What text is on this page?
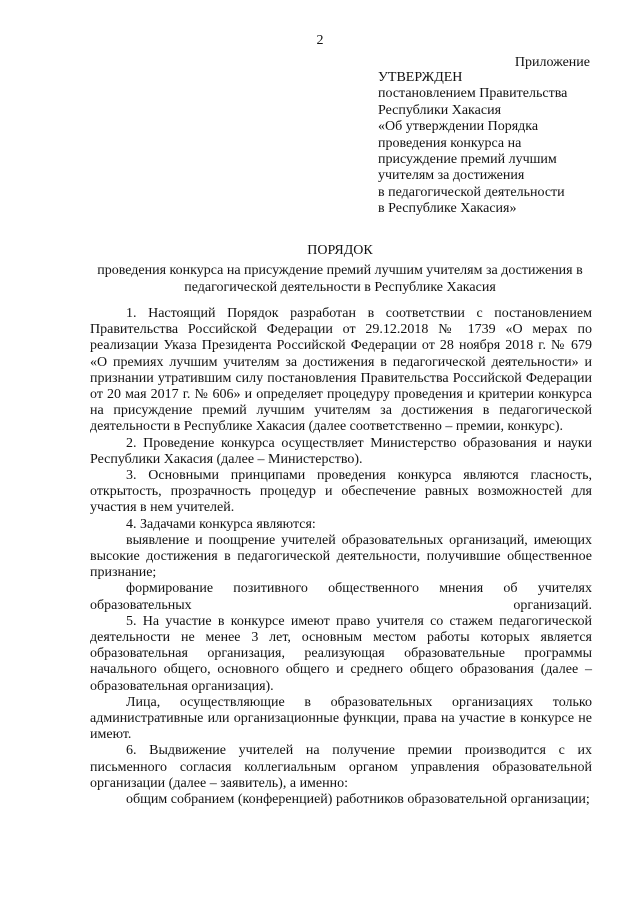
2
Приложение
УТВЕРЖДЕН
постановлением Правительства
Республики Хакасия
«Об утверждении Порядка
проведения конкурса на
присуждение премий лучшим
учителям за достижения
в педагогической деятельности
в Республике Хакасия»
ПОРЯДОК
проведения конкурса на присуждение премий лучшим учителям за достижения в педагогической деятельности в Республике Хакасия

1. Настоящий Порядок разработан в соответствии с постановлением Правительства Российской Федерации от 29.12.2018 № 1739 «О мерах по реализации Указа Президента Российской Федерации от 28 ноября 2018 г. № 679 «О премиях лучшим учителям за достижения в педагогической деятельности» и признании утратившим силу постановления Правительства Российской Федерации от 20 мая 2017 г. № 606» и определяет процедуру проведения и критерии конкурса на присуждение премий лучшим учителям за достижения в педагогической деятельности в Республике Хакасия (далее соответственно – премии, конкурс).

2. Проведение конкурса осуществляет Министерство образования и науки Республики Хакасия (далее – Министерство).

3. Основными принципами проведения конкурса являются гласность, открытость, прозрачность процедур и обеспечение равных возможностей для участия в нем учителей.

4. Задачами конкурса являются:

выявление и поощрение учителей образовательных организаций, имеющих высокие достижения в педагогической деятельности, получившие общественное признание;

формирование позитивного общественного мнения об учителях образовательных организаций.

5. На участие в конкурсе имеют право учителя со стажем педагогической деятельности не менее 3 лет, основным местом работы которых является образовательная организация, реализующая образовательные программы начального общего, основного общего и среднего общего образования (далее – образовательная организация).

Лица, осуществляющие в образовательных организациях только административные или организационные функции, права на участие в конкурсе не имеют.

6. Выдвижение учителей на получение премии производится с их письменного согласия коллегиальным органом управления образовательной организации (далее – заявитель), а именно:

общим собранием (конференцией) работников образовательной организации;
